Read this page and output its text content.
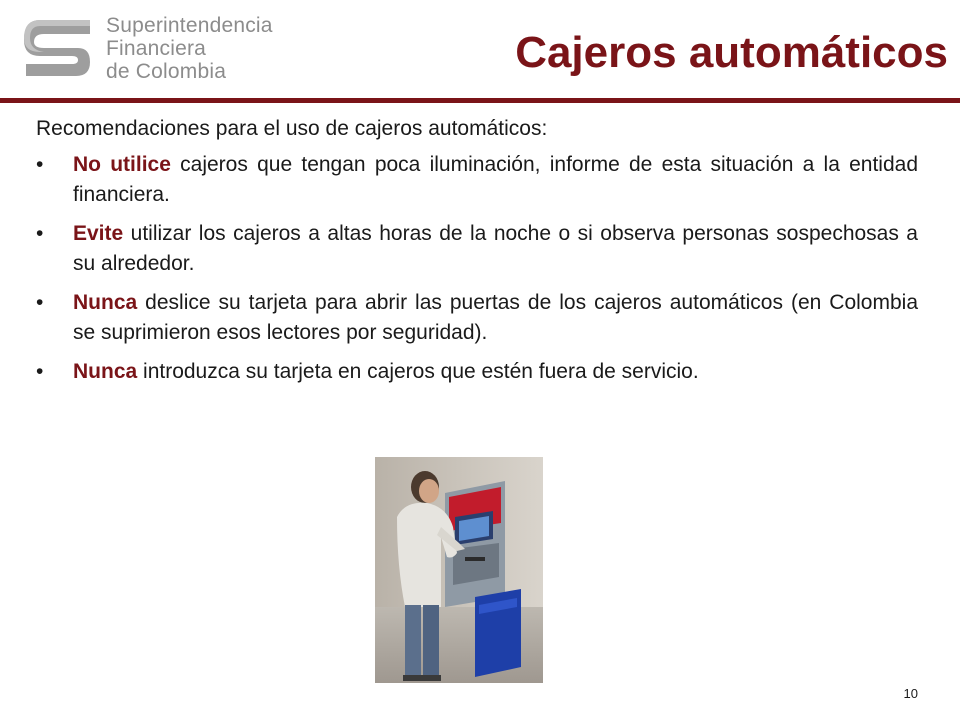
Superintendencia
Financiera
de Colombia	Cajeros automáticos

Recomendaciones para el uso de cajeros automáticos:

• No utilice cajeros que tengan poca iluminación, informe de esta situación a la entidad financiera.
• Evite utilizar los cajeros a altas horas de la noche o si observa personas sospechosas a su alrededor.
• Nunca deslice su tarjeta para abrir las puertas de los cajeros automáticos (en Colombia se suprimieron esos lectores por seguridad).
• Nunca introduzca su tarjeta en cajeros que estén fuera de servicio.
10
